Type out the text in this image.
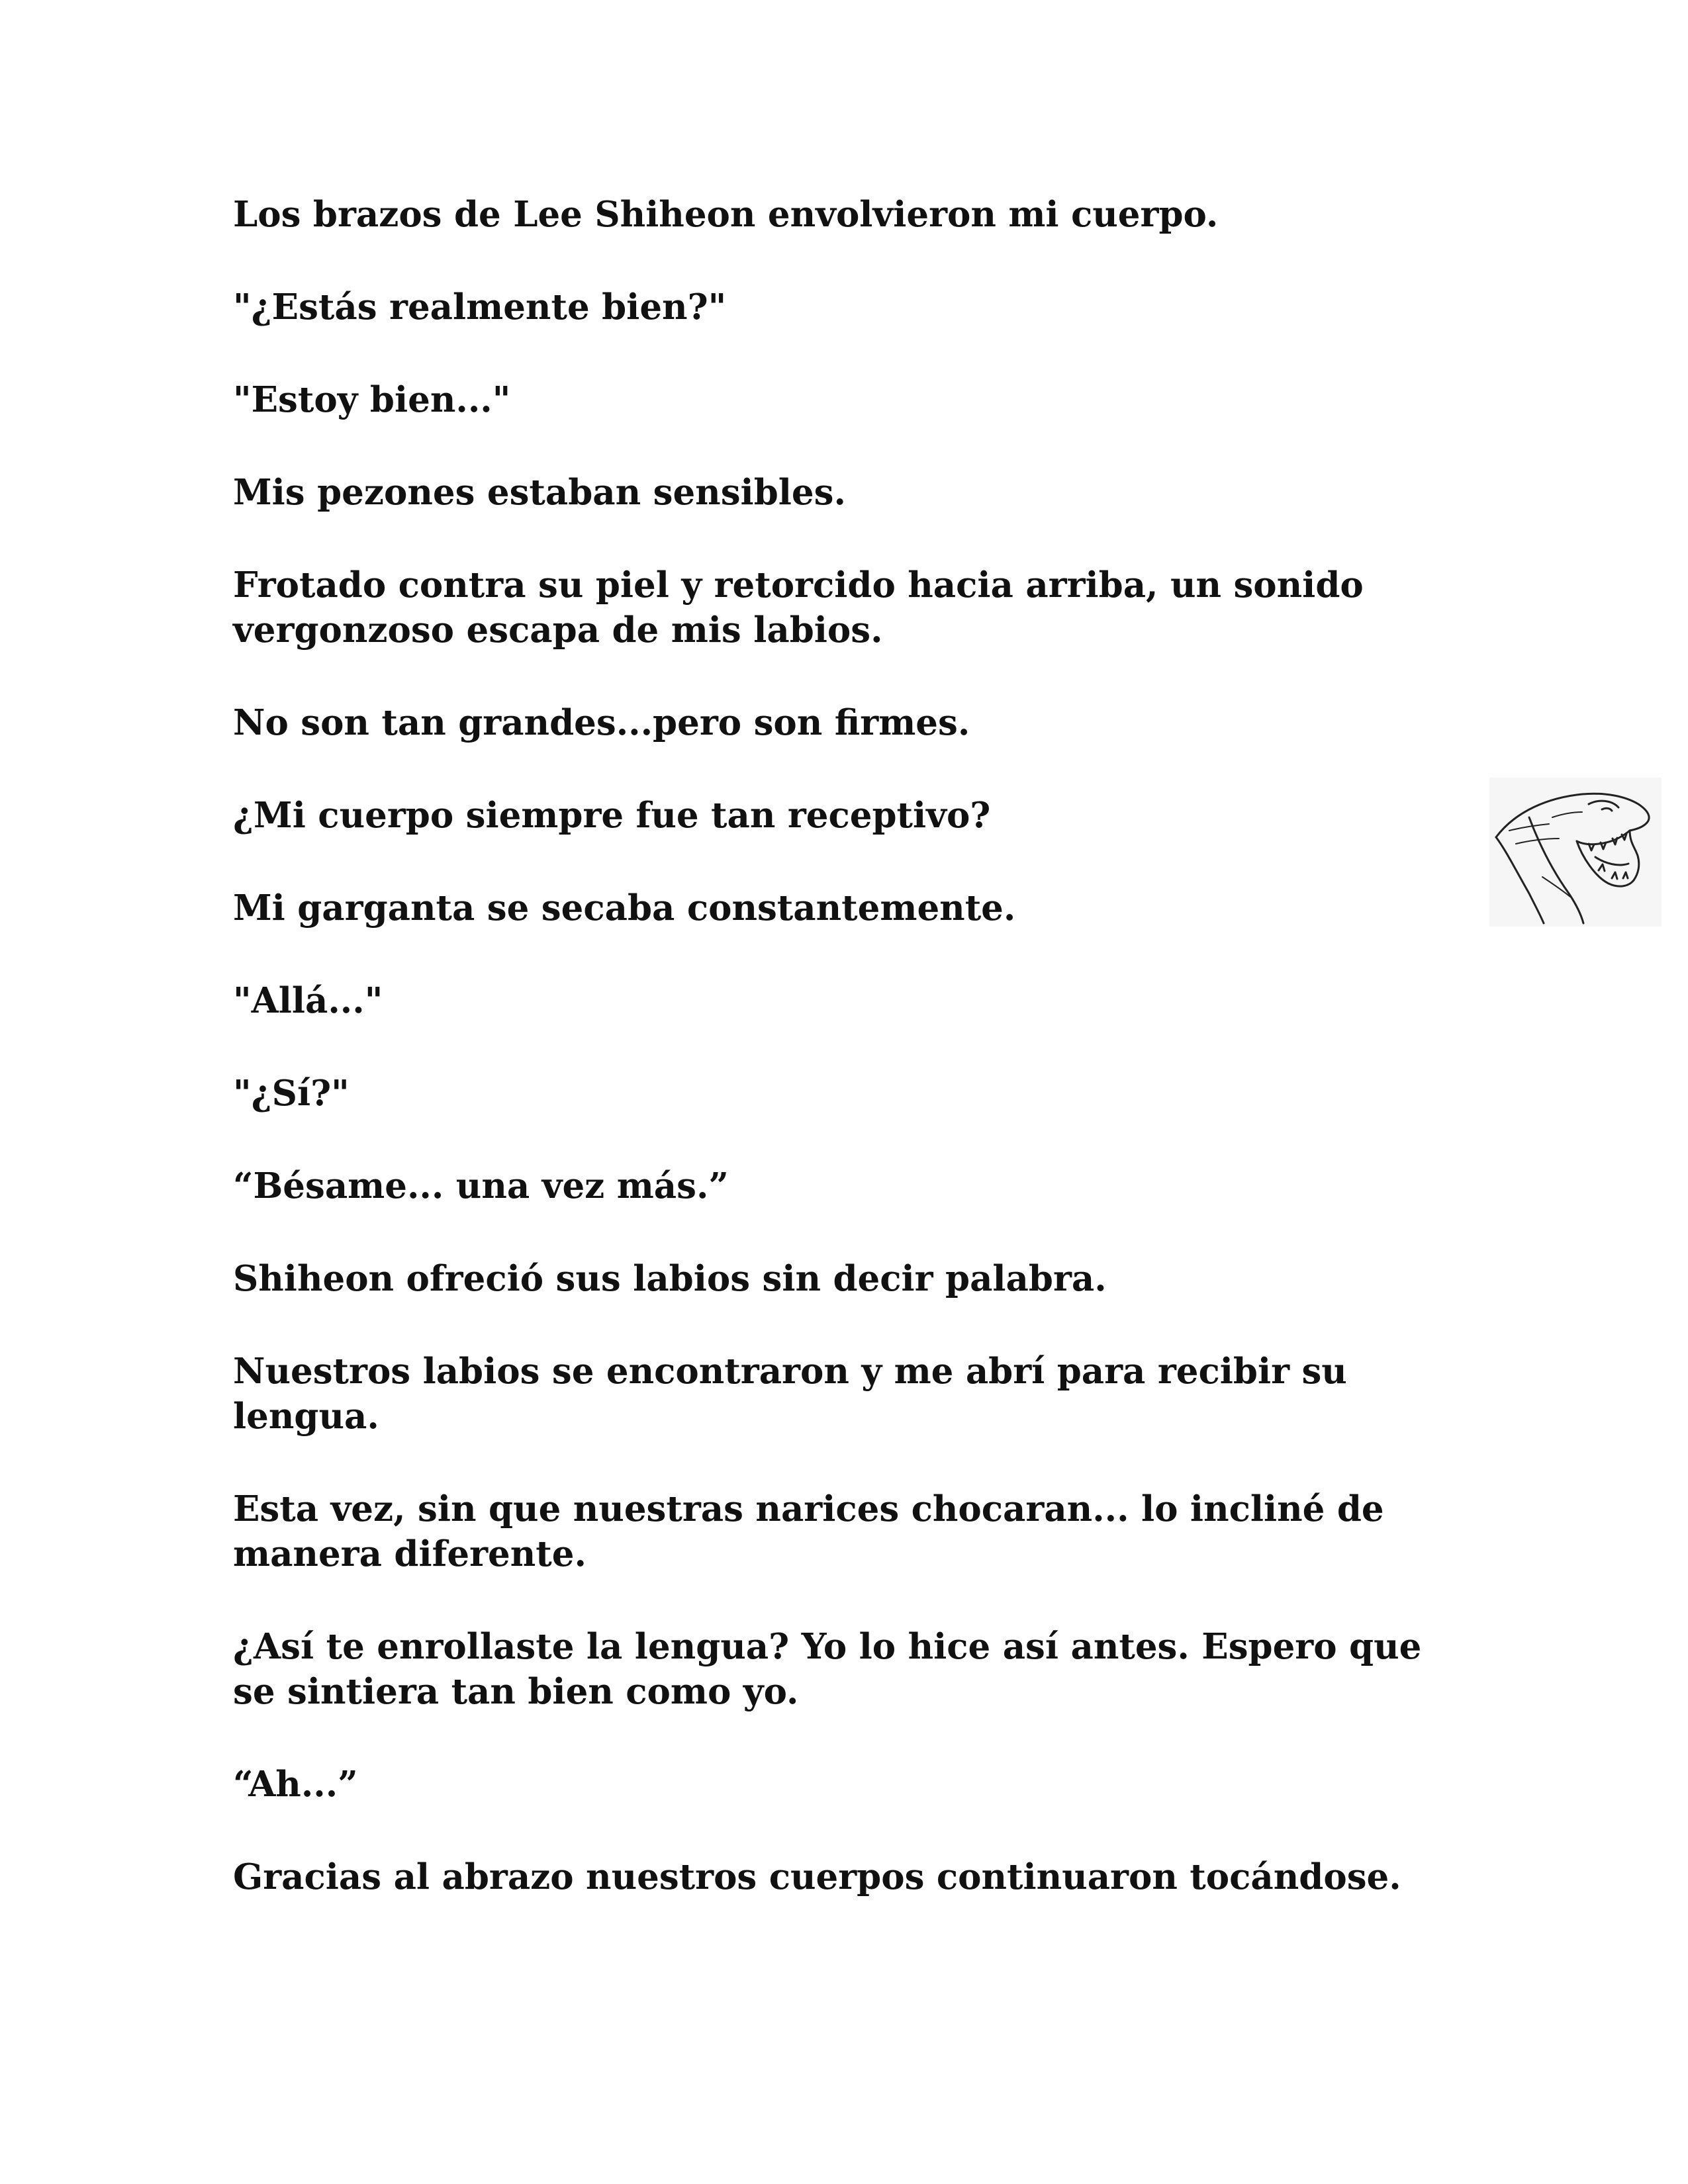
Los brazos de Lee Shiheon envolvieron mi cuerpo.

"¿Estás realmente bien?"

"Estoy bien..."

Mis pezones estaban sensibles.

Frotado contra su piel y retorcido hacia arriba, un sonido vergonzoso escapa de mis labios.

No son tan grandes...pero son firmes.

¿Mi cuerpo siempre fue tan receptivo?

Mi garganta se secaba constantemente.

"Allá..."

"¿Sí?"

“Bésame... una vez más.”

Shiheon ofreció sus labios sin decir palabra.

Nuestros labios se encontraron y me abrí para recibir su lengua.

Esta vez, sin que nuestras narices chocaran... lo incliné de manera diferente.

¿Así te enrollaste la lengua? Yo lo hice así antes. Espero que se sintiera tan bien como yo.

“Ah...”

Gracias al abrazo nuestros cuerpos continuaron tocándose.
